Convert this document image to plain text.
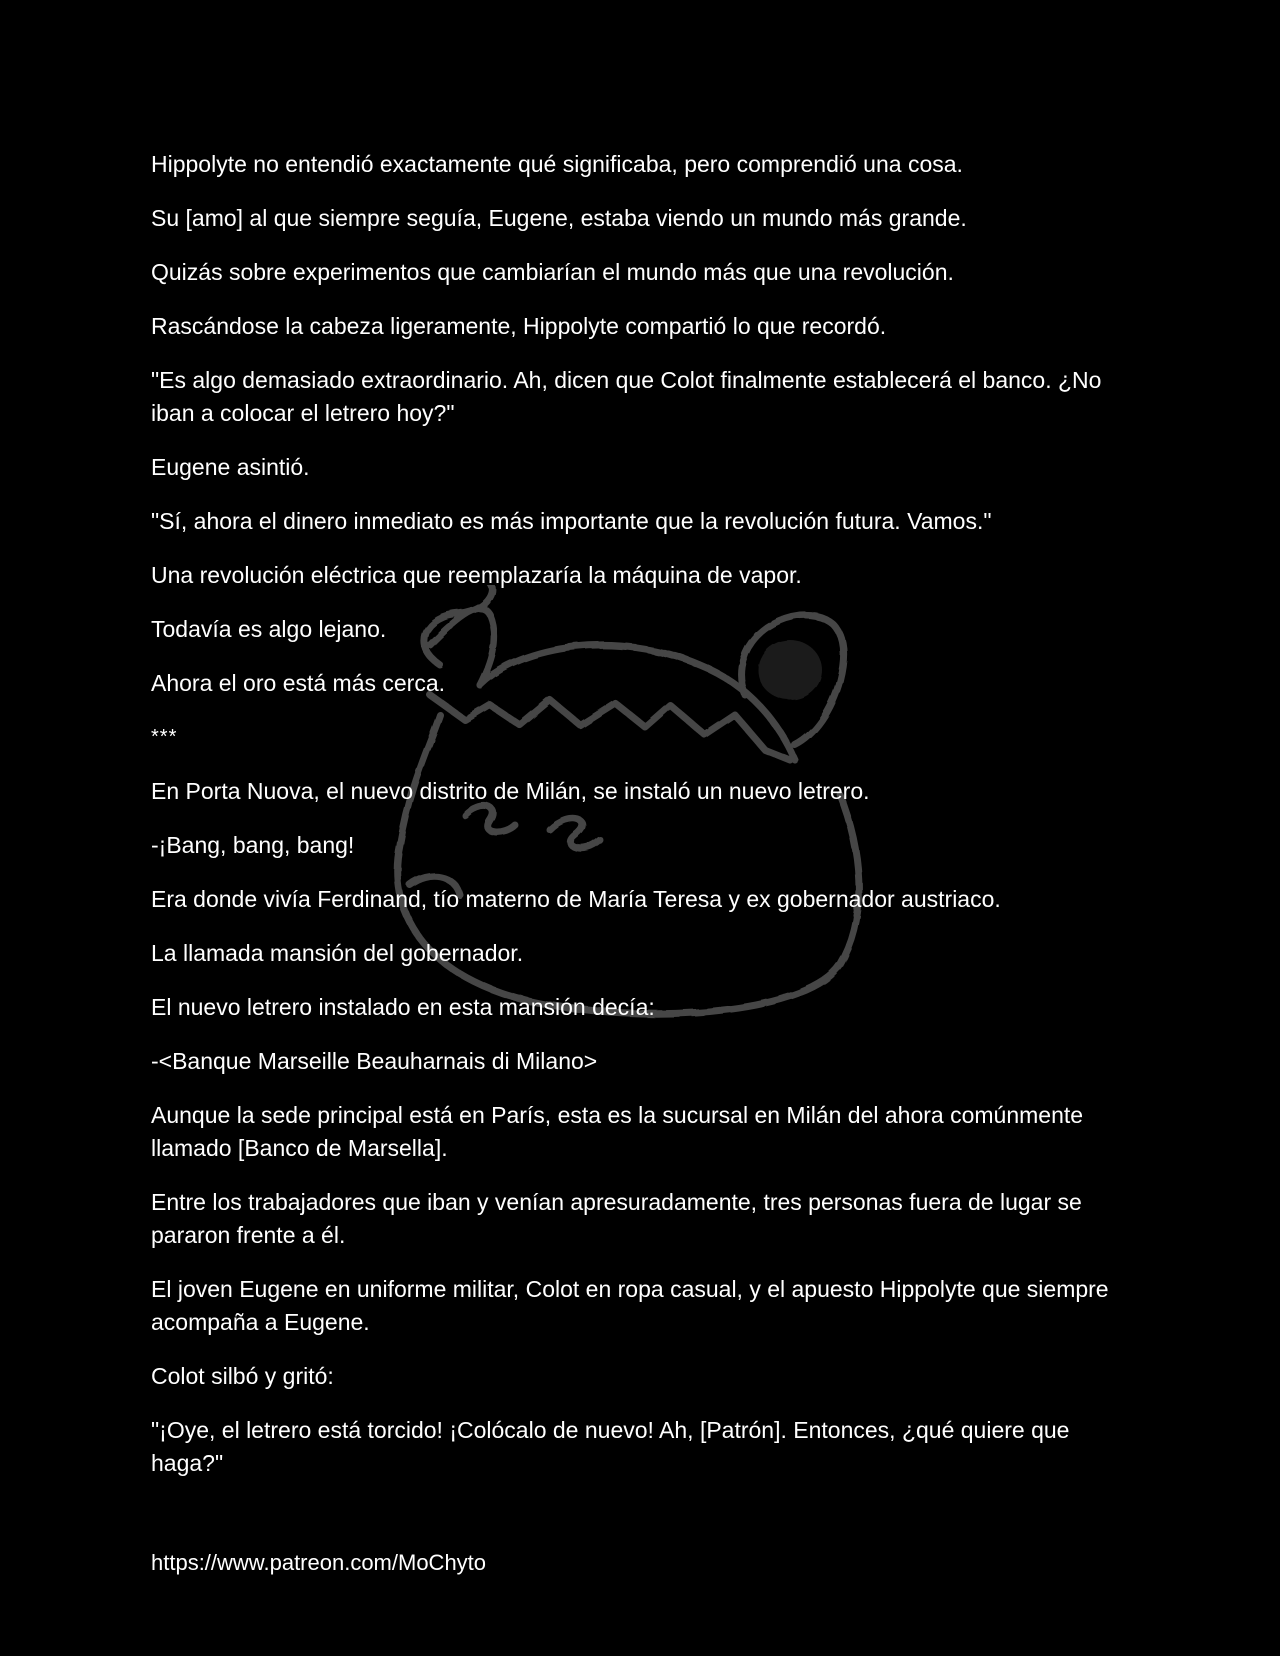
Hippolyte no entendió exactamente qué significaba, pero comprendió una cosa.

Su [amo] al que siempre seguía, Eugene, estaba viendo un mundo más grande.

Quizás sobre experimentos que cambiarían el mundo más que una revolución.

Rascándose la cabeza ligeramente, Hippolyte compartió lo que recordó.

"Es algo demasiado extraordinario. Ah, dicen que Colot finalmente establecerá el banco. ¿No iban a colocar el letrero hoy?"

Eugene asintió.

"Sí, ahora el dinero inmediato es más importante que la revolución futura. Vamos."

Una revolución eléctrica que reemplazaría la máquina de vapor.

Todavía es algo lejano.

Ahora el oro está más cerca.

***

En Porta Nuova, el nuevo distrito de Milán, se instaló un nuevo letrero.

-¡Bang, bang, bang!

Era donde vivía Ferdinand, tío materno de María Teresa y ex gobernador austriaco.

La llamada mansión del gobernador.

El nuevo letrero instalado en esta mansión decía:

-<Banque Marseille Beauharnais di Milano>

Aunque la sede principal está en París, esta es la sucursal en Milán del ahora comúnmente llamado [Banco de Marsella].

Entre los trabajadores que iban y venían apresuradamente, tres personas fuera de lugar se pararon frente a él.

El joven Eugene en uniforme militar, Colot en ropa casual, y el apuesto Hippolyte que siempre acompaña a Eugene.

Colot silbó y gritó:

"¡Oye, el letrero está torcido! ¡Colócalo de nuevo! Ah, [Patrón]. Entonces, ¿qué quiere que haga?"

https://www.patreon.com/MoChyto
